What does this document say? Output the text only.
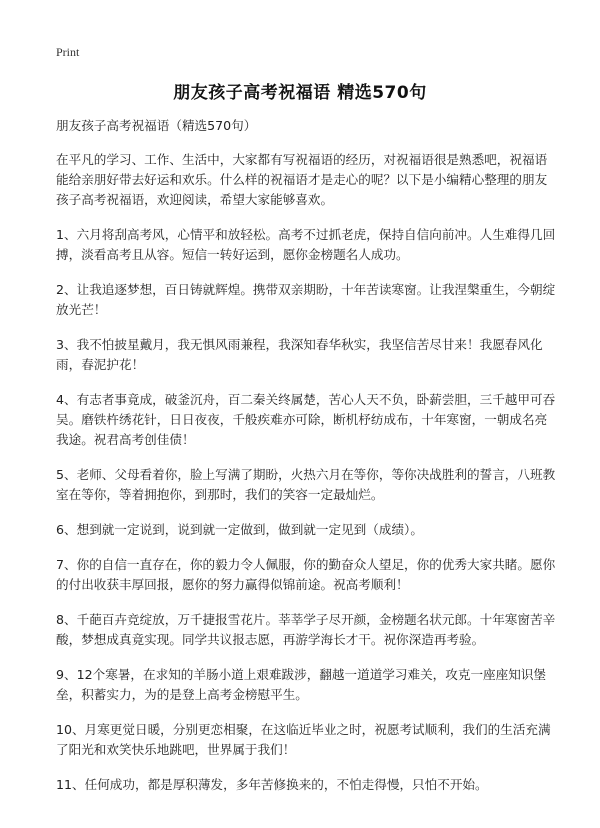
Print
朋友孩子高考祝福语 精选570句

朋友孩子高考祝福语（精选570句）

在平凡的学习、工作、生活中，大家都有写祝福语的经历，对祝福语很是熟悉吧，祝福语能给亲朋好带去好运和欢乐。什么样的祝福语才是走心的呢？以下是小编精心整理的朋友孩子高考祝福语，欢迎阅读，希望大家能够喜欢。

1、六月将刮高考风，心情平和放轻松。高考不过抓老虎，保持自信向前冲。人生难得几回搏，淡看高考且从容。短信一转好运到，愿你金榜题名人成功。

2、让我追逐梦想，百日铸就辉煌。携带双亲期盼，十年苦读寒窗。让我涅槃重生，今朝绽放光芒！

3、我不怕披星戴月，我无惧风雨兼程，我深知春华秋实，我坚信苦尽甘来！我愿春风化雨，春泥护花！

4、有志者事竟成，破釜沉舟，百二秦关终属楚，苦心人天不负，卧薪尝胆，三千越甲可吞吴。磨铁杵绣花针，日日夜夜，千般疾难亦可除，断机杼纺成布，十年寒窗，一朝成名亮我途。祝君高考创佳债！

5、老师、父母看着你，脸上写满了期盼，火热六月在等你，等你决战胜利的誓言，八班教室在等你，等着拥抱你，到那时，我们的笑容一定最灿烂。

6、想到就一定说到，说到就一定做到，做到就一定见到（成绩）。

7、你的自信一直存在，你的毅力令人佩服，你的勤奋众人望足，你的优秀大家共睹。愿你的付出收获丰厚回报，愿你的努力赢得似锦前途。祝高考顺利！

8、千葩百卉竞绽放，万千捷报雪花片。莘莘学子尽开颜，金榜题名状元郎。十年寒窗苦辛酸，梦想成真竟实现。同学共议报志愿，再游学海长才干。祝你深造再考验。

9、12个寒暑，在求知的羊肠小道上艰难跋涉，翻越一道道学习难关，攻克一座座知识堡垒，积蓄实力，为的是登上高考金榜慰平生。

10、月寒更觉日暖，分别更恋相聚，在这临近毕业之时，祝愿考试顺利，我们的生活充满了阳光和欢笑快乐地跳吧，世界属于我们！

11、任何成功，都是厚积薄发，多年苦修换来的，不怕走得慢，只怕不开始。
